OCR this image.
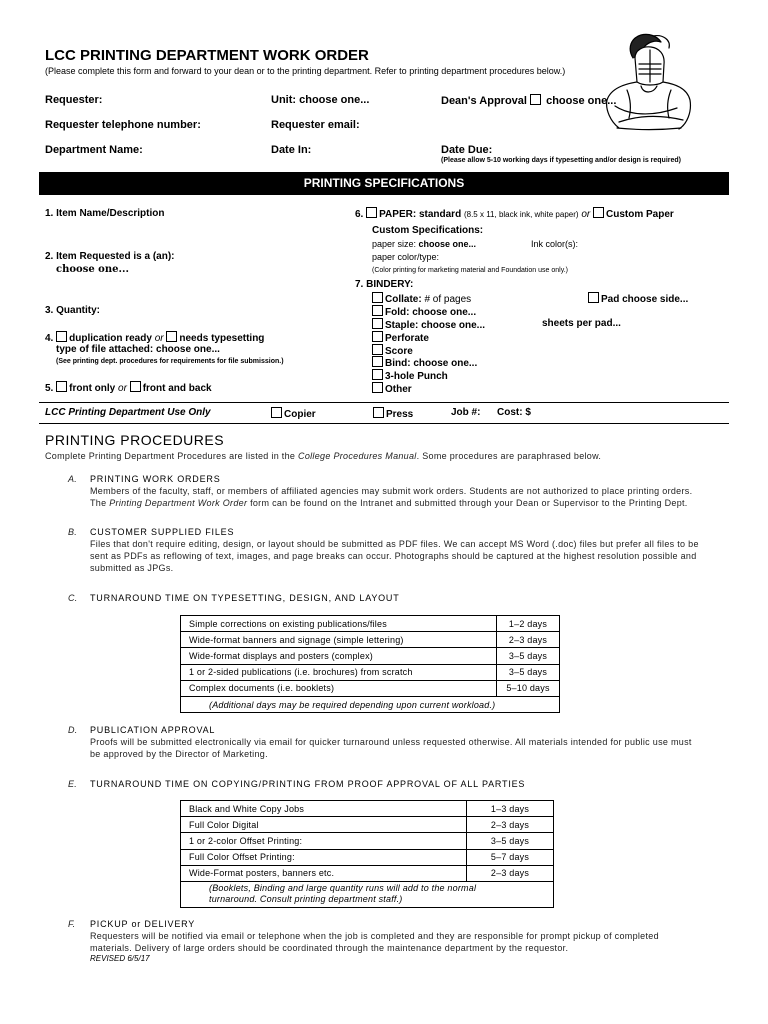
LCC PRINTING DEPARTMENT WORK ORDER
(Please complete this form and forward to your dean or to the printing department. Refer to printing department procedures below.)
Requester:	Unit: choose one...	Dean's Approval choose one...
Requester telephone number:	Requester email:
Department Name:	Date In:	Date Due:
(Please allow 5-10 working days if typesetting and/or design is required)
PRINTING SPECIFICATIONS
1. Item Name/Description
2. Item Requested is a (an):
choose one...
3. Quantity:
4. duplication ready or needs typesetting
type of file attached: choose one...
(See printing dept. procedures for requirements for file submission.)
5. front only or front and back
6. PAPER: standard (8.5 x 11, black ink, white paper) or Custom Paper
Custom Specifications:
paper size: choose one...	Ink color(s):
paper color/type:
(Color printing for marketing material and Foundation use only.)
7. BINDERY:
Collate: # of pages	Pad choose side...
Fold: choose one...
Staple: choose one...	sheets per pad...
Perforate
Score
Bind: choose one...
3-hole Punch
Other
LCC Printing Department Use Only	Copier	Press	Job #: Cost: $
PRINTING PROCEDURES
Complete Printing Department Procedures are listed in the College Procedures Manual. Some procedures are paraphrased below.
A. PRINTING WORK ORDERS
Members of the faculty, staff, or members of affiliated agencies may submit work orders. Students are not authorized to place printing orders.
The Printing Department Work Order form can be found on the Intranet and submitted through your Dean or Supervisor to the Printing Dept.
B. CUSTOMER SUPPLIED FILES
Files that don't require editing, design, or layout should be submitted as PDF files. We can accept MS Word (.doc) files but prefer all files to be
sent as PDFs as reflowing of text, images, and page breaks can occur. Photographs should be captured at the highest resolution possible and
submitted as JPGs.
C. TURNAROUND TIME ON TYPESETTING, DESIGN, AND LAYOUT
Simple corrections on existing publications/files	1–2 days
Wide-format banners and signage (simple lettering)	2–3 days
Wide-format displays and posters (complex)	3–5 days
1 or 2-sided publications (i.e. brochures) from scratch	3–5 days
Complex documents (i.e. booklets)	5–10 days
(Additional days may be required depending upon current workload.)	
D. PUBLICATION APPROVAL
Proofs will be submitted electronically via email for quicker turnaround unless requested otherwise. All materials intended for public use must
be approved by the Director of Marketing.
E. TURNAROUND TIME ON COPYING/PRINTING FROM PROOF APPROVAL OF ALL PARTIES
Black and White Copy Jobs	1–3 days
Full Color Digital	2–3 days
1 or 2-color Offset Printing:	3–5 days
Full Color Offset Printing:	5–7 days
Wide-Format posters, banners etc.	2–3 days

(Booklets, Binding and large quantity runs will add to the normal
turnaround. Consult printing department staff.)	
F. PICKUP or DELIVERY
Requesters will be notified via email or telephone when the job is completed and they are responsible for prompt pickup of completed
materials. Delivery of large orders should be coordinated through the maintenance department by the requestor.
REVISED 6/5/17
